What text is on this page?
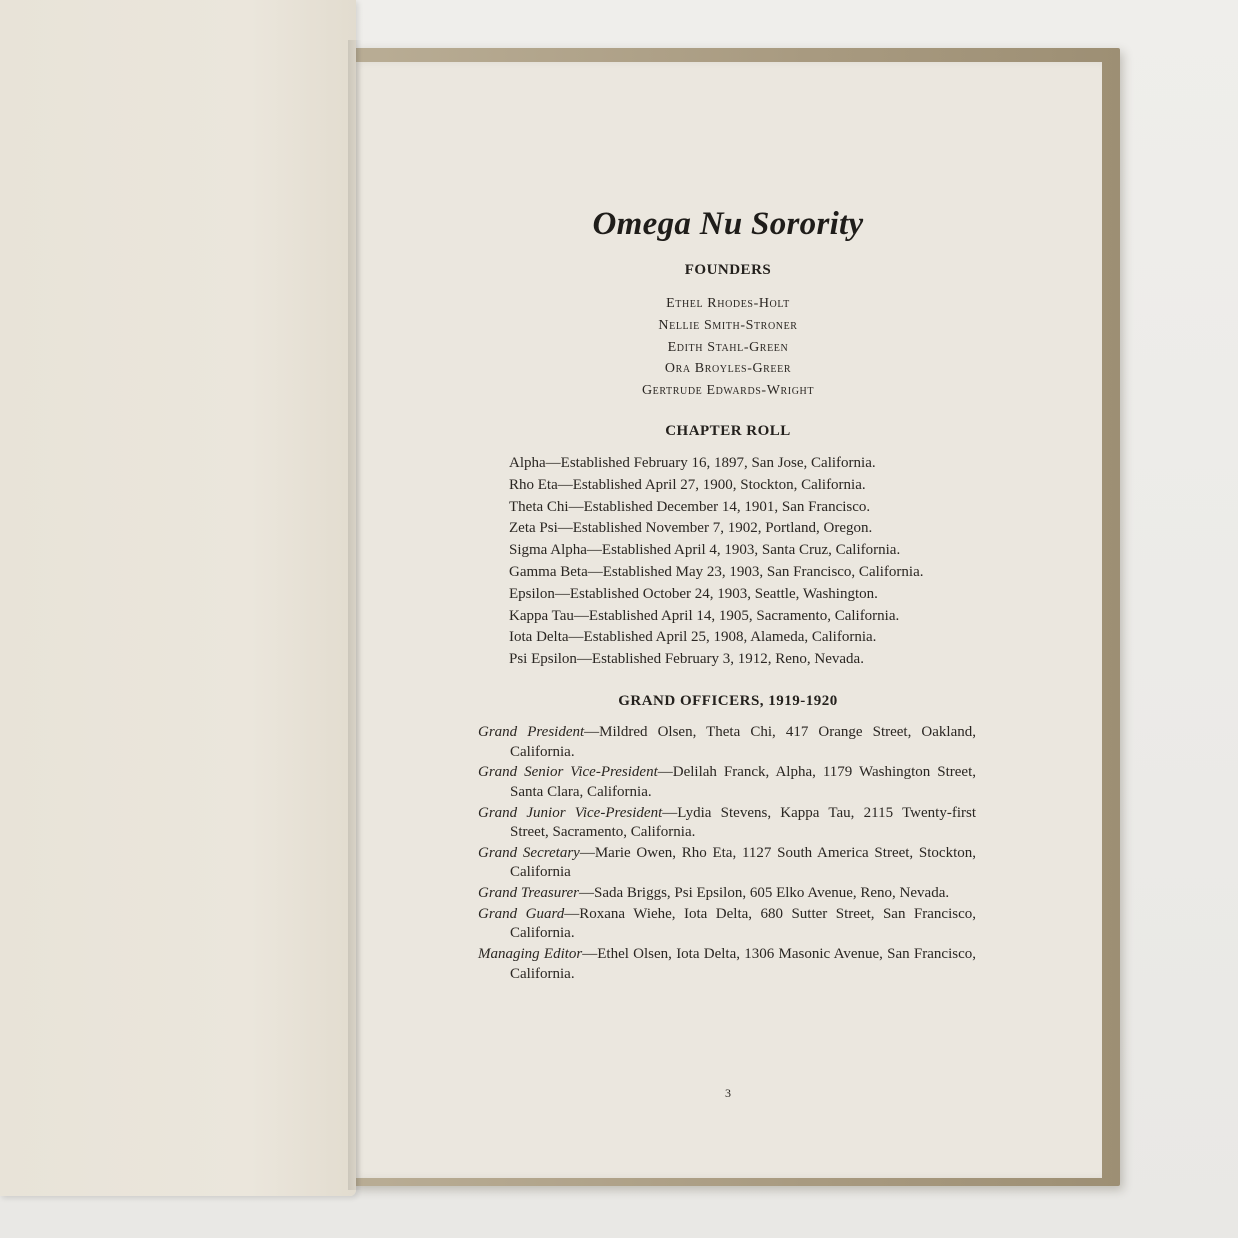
Omega Nu Sorority
FOUNDERS
Ethel Rhodes-Holt
Nellie Smith-Stroner
Edith Stahl-Green
Ora Broyles-Greer
Gertrude Edwards-Wright
CHAPTER ROLL
Alpha—Established February 16, 1897, San Jose, California.
Rho Eta—Established April 27, 1900, Stockton, California.
Theta Chi—Established December 14, 1901, San Francisco.
Zeta Psi—Established November 7, 1902, Portland, Oregon.
Sigma Alpha—Established April 4, 1903, Santa Cruz, California.
Gamma Beta—Established May 23, 1903, San Francisco, California.
Epsilon—Established October 24, 1903, Seattle, Washington.
Kappa Tau—Established April 14, 1905, Sacramento, California.
Iota Delta—Established April 25, 1908, Alameda, California.
Psi Epsilon—Established February 3, 1912, Reno, Nevada.
GRAND OFFICERS, 1919-1920
Grand President—Mildred Olsen, Theta Chi, 417 Orange Street, Oakland, California.
Grand Senior Vice-President—Delilah Franck, Alpha, 1179 Washington Street, Santa Clara, California.
Grand Junior Vice-President—Lydia Stevens, Kappa Tau, 2115 Twenty-first Street, Sacramento, California.
Grand Secretary—Marie Owen, Rho Eta, 1127 South America Street, Stockton, California
Grand Treasurer—Sada Briggs, Psi Epsilon, 605 Elko Avenue, Reno, Nevada.
Grand Guard—Roxana Wiehe, Iota Delta, 680 Sutter Street, San Francisco, California.
Managing Editor—Ethel Olsen, Iota Delta, 1306 Masonic Avenue, San Francisco, California.
3
